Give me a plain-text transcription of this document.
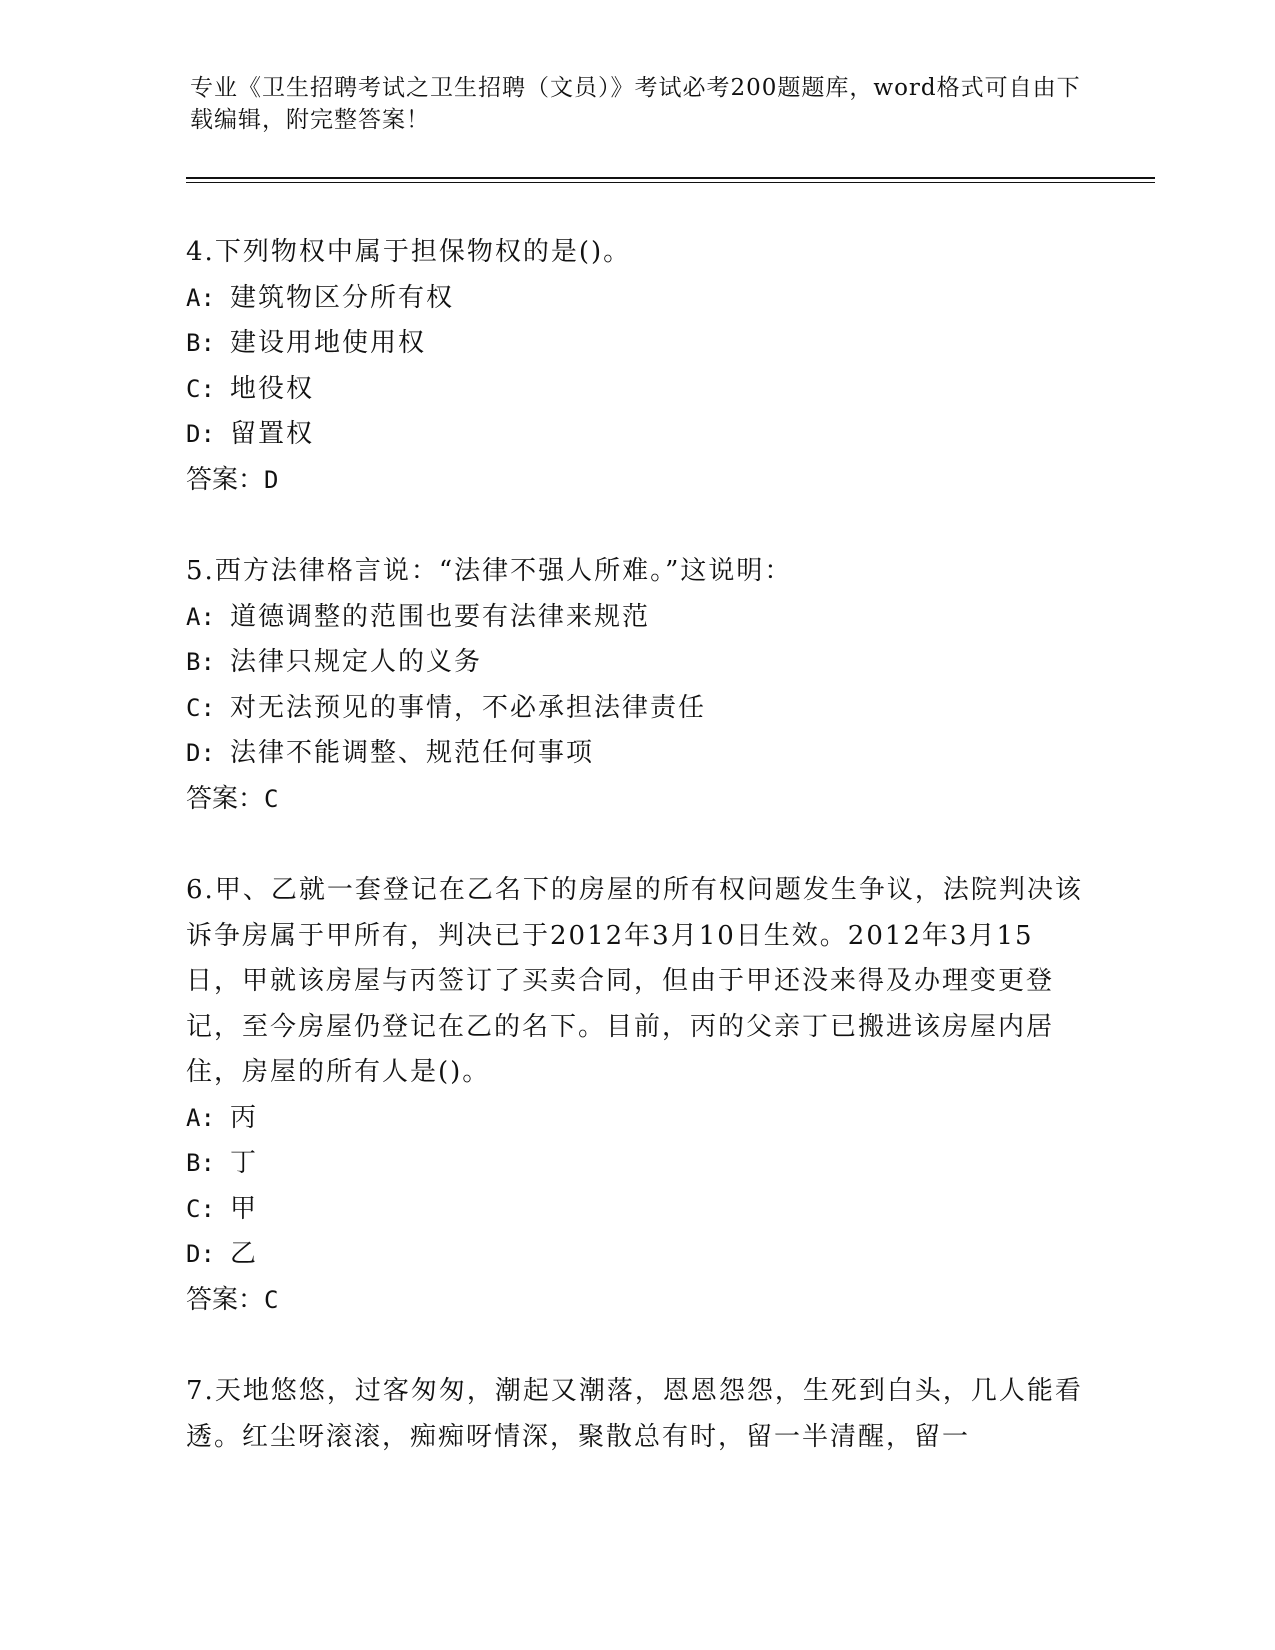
专业《卫生招聘考试之卫生招聘（文员）》考试必考200题题库，word格式可自由下载编辑，附完整答案！

4.下列物权中属于担保物权的是()。

A: 建筑物区分所有权

B: 建设用地使用权

C: 地役权

D: 留置权

答案：D

5.西方法律格言说：“法律不强人所难。”这说明：

A: 道德调整的范围也要有法律来规范

B: 法律只规定人的义务

C: 对无法预见的事情，不必承担法律责任

D: 法律不能调整、规范任何事项

答案：C

6.甲、乙就一套登记在乙名下的房屋的所有权问题发生争议，法院判决该诉争房属于甲所有，判决已于2012年3月10日生效。2012年3月15日，甲就该房屋与丙签订了买卖合同，但由于甲还没来得及办理变更登记，至今房屋仍登记在乙的名下。目前，丙的父亲丁已搬进该房屋内居住，房屋的所有人是()。

A: 丙

B: 丁

C: 甲

D: 乙

答案：C

7.天地悠悠，过客匆匆，潮起又潮落，恩恩怨怨，生死到白头，几人能看透。红尘呀滚滚，痴痴呀情深，聚散总有时，留一半清醒，留一
